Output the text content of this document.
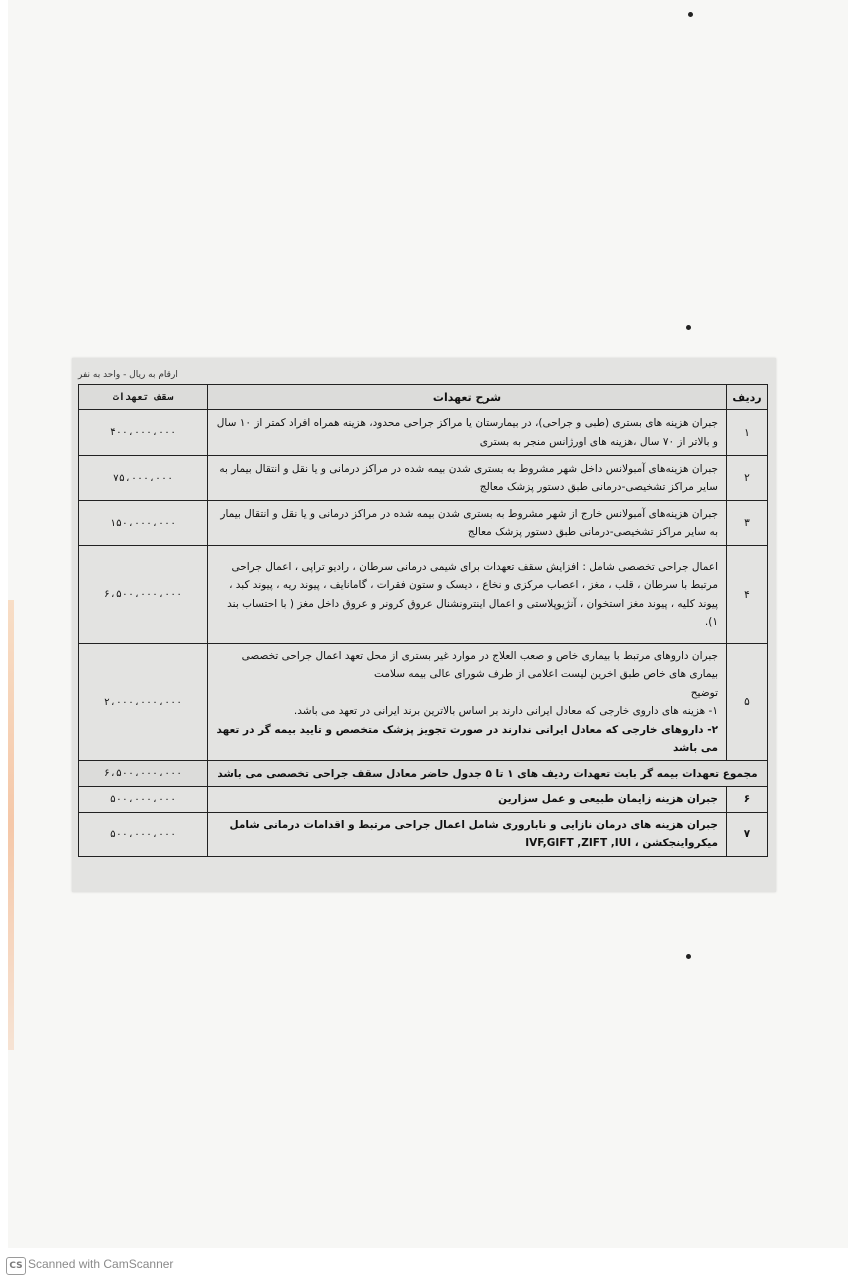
ارقام به ریال - واحد به نفر
ردیف	شرح تعهدات	سقف تعهدات
۱	جبران هزینه های بستری (طبی و جراحی)، در بیمارستان یا مراکز جراحی محدود، هزینه همراه افراد کمتر از ۱۰ سال و بالاتر از ۷۰ سال ،هزینه های اورژانس منجر به بستری	۴۰۰،۰۰۰،۰۰۰
۲	جبران هزینه‌های آمبولانس داخل شهر مشروط به بستری شدن بیمه شده در مراکز درمانی و یا نقل و انتقال بیمار به سایر مراکز تشخیصی-درمانی طبق دستور پزشک معالج	۷۵،۰۰۰،۰۰۰
۳	جبران هزینه‌های آمبولانس خارج از شهر مشروط به بستری شدن بیمه شده در مراکز درمانی و یا نقل و انتقال بیمار به سایر مراکز تشخیصی-درمانی طبق دستور پزشک معالج	۱۵۰،۰۰۰،۰۰۰
۴	اعمال جراحی تخصصی شامل : افزایش سقف تعهدات برای شیمی درمانی سرطان ، رادیو تراپی ، اعمال جراحی مرتبط با سرطان ، قلب ، مغز ، اعصاب مرکزی و نخاع ، دیسک و ستون فقرات ، گامانایف ، پیوند ریه ، پیوند کبد ، پیوند کلیه ، پیوند مغز استخوان ، آنژیوپلاستی و اعمال اینترونشنال عروق کرونر و عروق داخل مغز ( با احتساب بند ۱).	۶،۵۰۰،۰۰۰،۰۰۰
۵	جبران داروهای مرتبط با بیماری خاص و صعب العلاج در موارد غیر بستری از محل تعهد اعمال جراحی تخصصی بیماری های خاص طبق اخرین لیست اعلامی از طرف شورای عالی بیمه سلامت
توضیح
۱- هزینه های داروی خارجی که معادل ایرانی دارند بر اساس بالاترین برند ایرانی در تعهد می باشد.
۲- داروهای خارجی که معادل ایرانی ندارند در صورت تجویز پزشک متخصص و تایید بیمه گر در تعهد می باشد	۲،۰۰۰،۰۰۰،۰۰۰
مجموع تعهدات بیمه گر بابت تعهدات ردیف های ۱ تا ۵ جدول حاضر معادل سقف جراحی تخصصی می باشد		۶،۵۰۰،۰۰۰،۰۰۰
۶	جبران هزینه زایمان طبیعی و عمل سزارین	۵۰۰،۰۰۰،۰۰۰
۷	جبران هزینه های درمان نازایی و ناباروری شامل اعمال جراحی مرتبط و اقدامات درمانی شامل میکرواینجکشن ، IVF,GIFT ,ZIFT ,IUI	۵۰۰،۰۰۰،۰۰۰
CS Scanned with CamScanner
